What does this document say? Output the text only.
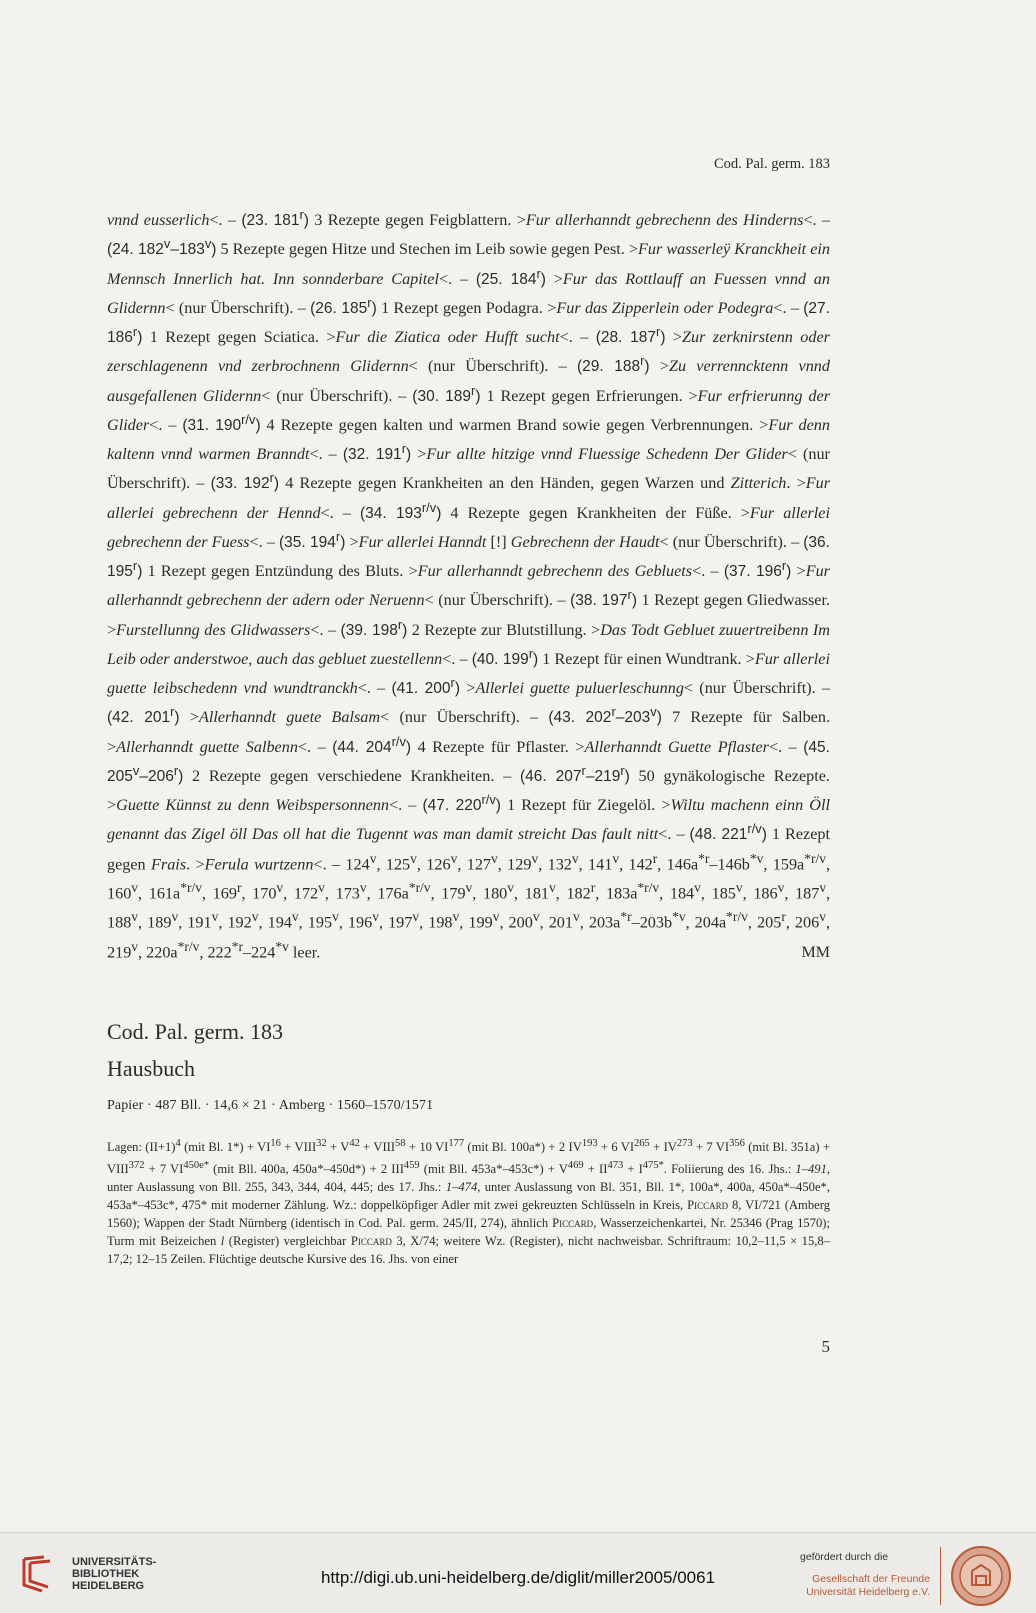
Cod. Pal. germ. 183

vnnd eusserlich<. – (23. 181$^r$) 3 Rezepte gegen Feigblattern. >Fur allerhanndt gebrechenn des Hinderns<. – (24. 182$^v$–183$^v$) 5 Rezepte gegen Hitze und Stechen im Leib sowie gegen Pest. >Fur wasserleÿ Kranckheit ein Mennsch Innerlich hat. Inn sonnderbare Capitel<. – (25. $184^r) >Fur$ das Rottlauff an Fuessen vnnd an Glidernn< (nur Überschrift). – (26. 185$^r$) 1 Rezept gegen Podagra. >Fur das Zipperlein oder Podegra<. – (27. 186$^r$) 1 Rezept gegen Sciatica. >Fur die Ziatica oder Hufft sucht<. – (28. $187^r) >Zur$ zerknirstenn oder zerschlagenenn vnd zerbrochnenn Glidernn< (nur Überschrift). – (29. $188^r) >Zu$ verrenncktenn vnnd ausgefallenen Glidernn< (nur Überschrift). – (30. 189$^r$) 1 Rezept gegen Erfrierungen. >Fur erfrierunng der Glider<. – (31. $190^{r/v}$) 4 Rezepte gegen kalten und warmen Brand sowie gegen Verbrennungen. >Fur denn kaltenn vnnd warmen Branndt<. – (32. $191^r) >Fur$ allte hitzige vnnd Fluessige Schedenn Der Glider< (nur Überschrift). – (33. 192$^r$) 4 Rezepte gegen Krankheiten an den Händen, gegen Warzen und Zitterich. >Fur allerlei gebrechenn der Hennd<. – (34. $193^{r/v}$) 4 Rezepte gegen Krankheiten der Füße. >Fur allerlei gebrechenn der Fuess<. – (35. $194^r) >Fur$ allerlei Hanndt [!] Gebrechenn der Haudt< (nur Überschrift). – (36. 195$^r$) 1 Rezept gegen Entzündung des Bluts. >Fur allerhanndt gebrechenn des Gebluets<. – (37. $196^r) >Fur$ allerhanndt gebrechenn der adern oder Neruenn< (nur Überschrift). – (38. 197$^r$) 1 Rezept gegen Gliedwasser. >Furstellunng des Glidwassers<. – (39. 198$^r$) 2 Rezepte zur Blutstillung. >Das Todt Gebluet zuuertreibenn Im Leib oder anderstwoe, auch das gebluet zuestellenn<. – (40. 199$^r$) 1 Rezept für einen Wundtrank. >Fur allerlei guette leibschedenn vnd wundtranckh<. – (41. $200^r$) >Allerlei guette puluerleschunng< (nur Überschrift). – (42. $201^r$) >Allerhanndt guete Balsam< (nur Überschrift). – (43. 202$^r$–203$^v$) 7 Rezepte für Salben. >Allerhanndt guette Salbenn<. – (44. $204^{r/v}$) 4 Rezepte für Pflaster. >Allerhanndt Guette Pflaster<. – (45. 205$^v$–206$^r$) 2 Rezepte gegen verschiedene Krankheiten. – (46. 207$^r$–219$^r$) 50 gynäkologische Rezepte. >Guette Künnst zu denn Weibspersonnenn<. – (47. $220^{r/v}$) 1 Rezept für Ziegelöl. >Wiltu machenn einn Öll genannt das Zigel öll Das oll hat die Tugennt was man damit streicht Das fault nitt<. – (48. $221^{r/v}$) 1 Rezept gegen Frais. >Ferula wurtzenn<. – 124$^v$, 125$^v$, 126$^v$, 127$^v$, 129$^v$, 132$^v$, 141$^v$, 142$^r$, $146a^{*r}-146b^{*v}$, $159a^{*r/v}$, 160$^v$, $161a^{*r/v}$, 169$^r$, 170$^v$, 172$^v$, 173$^v$, $176a^{*r/v}$, 179$^v$, 180$^v$, 181$^v$, 182$^r$, $183a^{*r/v}$, 184$^v$, 185$^v$, 186$^v$, 187$^v$, 188$^v$, 189$^v$, 191$^v$, 192$^v$, 194$^v$, 195$^v$, 196$^v$, 197$^v$, 198$^v$, 199$^v$, 200$^v$, 201$^v$, $203a^{*r}-203b^{*v}$, $204a^{*r/v}$, 205$^r$, 206$^v$, 219$^v$, $220a^{*r/v}$, 222$^{*r}$–224$^{*v}$ leer.	MM
Cod. Pal. germ. 183
Hausbuch
Papier · 487 Bll. · 14,6 × 21 · Amberg · 1560–1570/1571

Lagen: $(II+1)^4$ (mit Bl. $1*) + VI^{16}$ + $VIII^{32} + V^{42}$ + $VIII^{58} + 10$ VI$^{177}$ (mit Bl. 100a*) + 2 $IV^{193} + 6$ $VI^{265} + IV^{273} + 7$ VI$^{356}$ (mit Bl. $351a) + VIII^{372} + 7$ $VI^{450e*}$ (mit Bll. 400a, 450a*–450d*) + 2 III$^{459}$ (mit Bll. $453a*-453c*) + V^{469} + II^{473} + I^{475*}$. Foliierung des 16. Jhs.: 1–491, unter Auslassung von Bll. 255, 343, 344, 404, 445; des 17. Jhs.: 1–474, unter Auslassung von Bl. 351, Bll. 1*, 100a*, 400a, 450a*–450e*, 453a*–453c*, 475* mit moderner Zählung. Wz.: doppelköpfiger Adler mit zwei gekreuzten Schlüsseln in Kreis, Piccard 8, VI/721 (Amberg 1560); Wappen der Stadt Nürnberg (identisch in Cod. Pal. germ. 245/II, 274), ähnlich Piccard, Wasserzeichenkartei, Nr. 25346 (Prag 1570); Turm mit Beizeichen l (Register) vergleichbar Piccard 3, X/74; weitere Wz. (Register), nicht nachweisbar. Schriftraum: 10,2–11,5 × 15,8–17,2; 12–15 Zeilen. Flüchtige deutsche Kursive des 16. Jhs. von einer

5
UNIVERSITÄTS-
BIBLIOTHEK
HEIDELBERG	http://digi.ub.uni-heidelberg.de/diglit/miller2005/0061
gefördert durch die
Gesellschaft der Freunde
Universität Heidelberg e.V.
